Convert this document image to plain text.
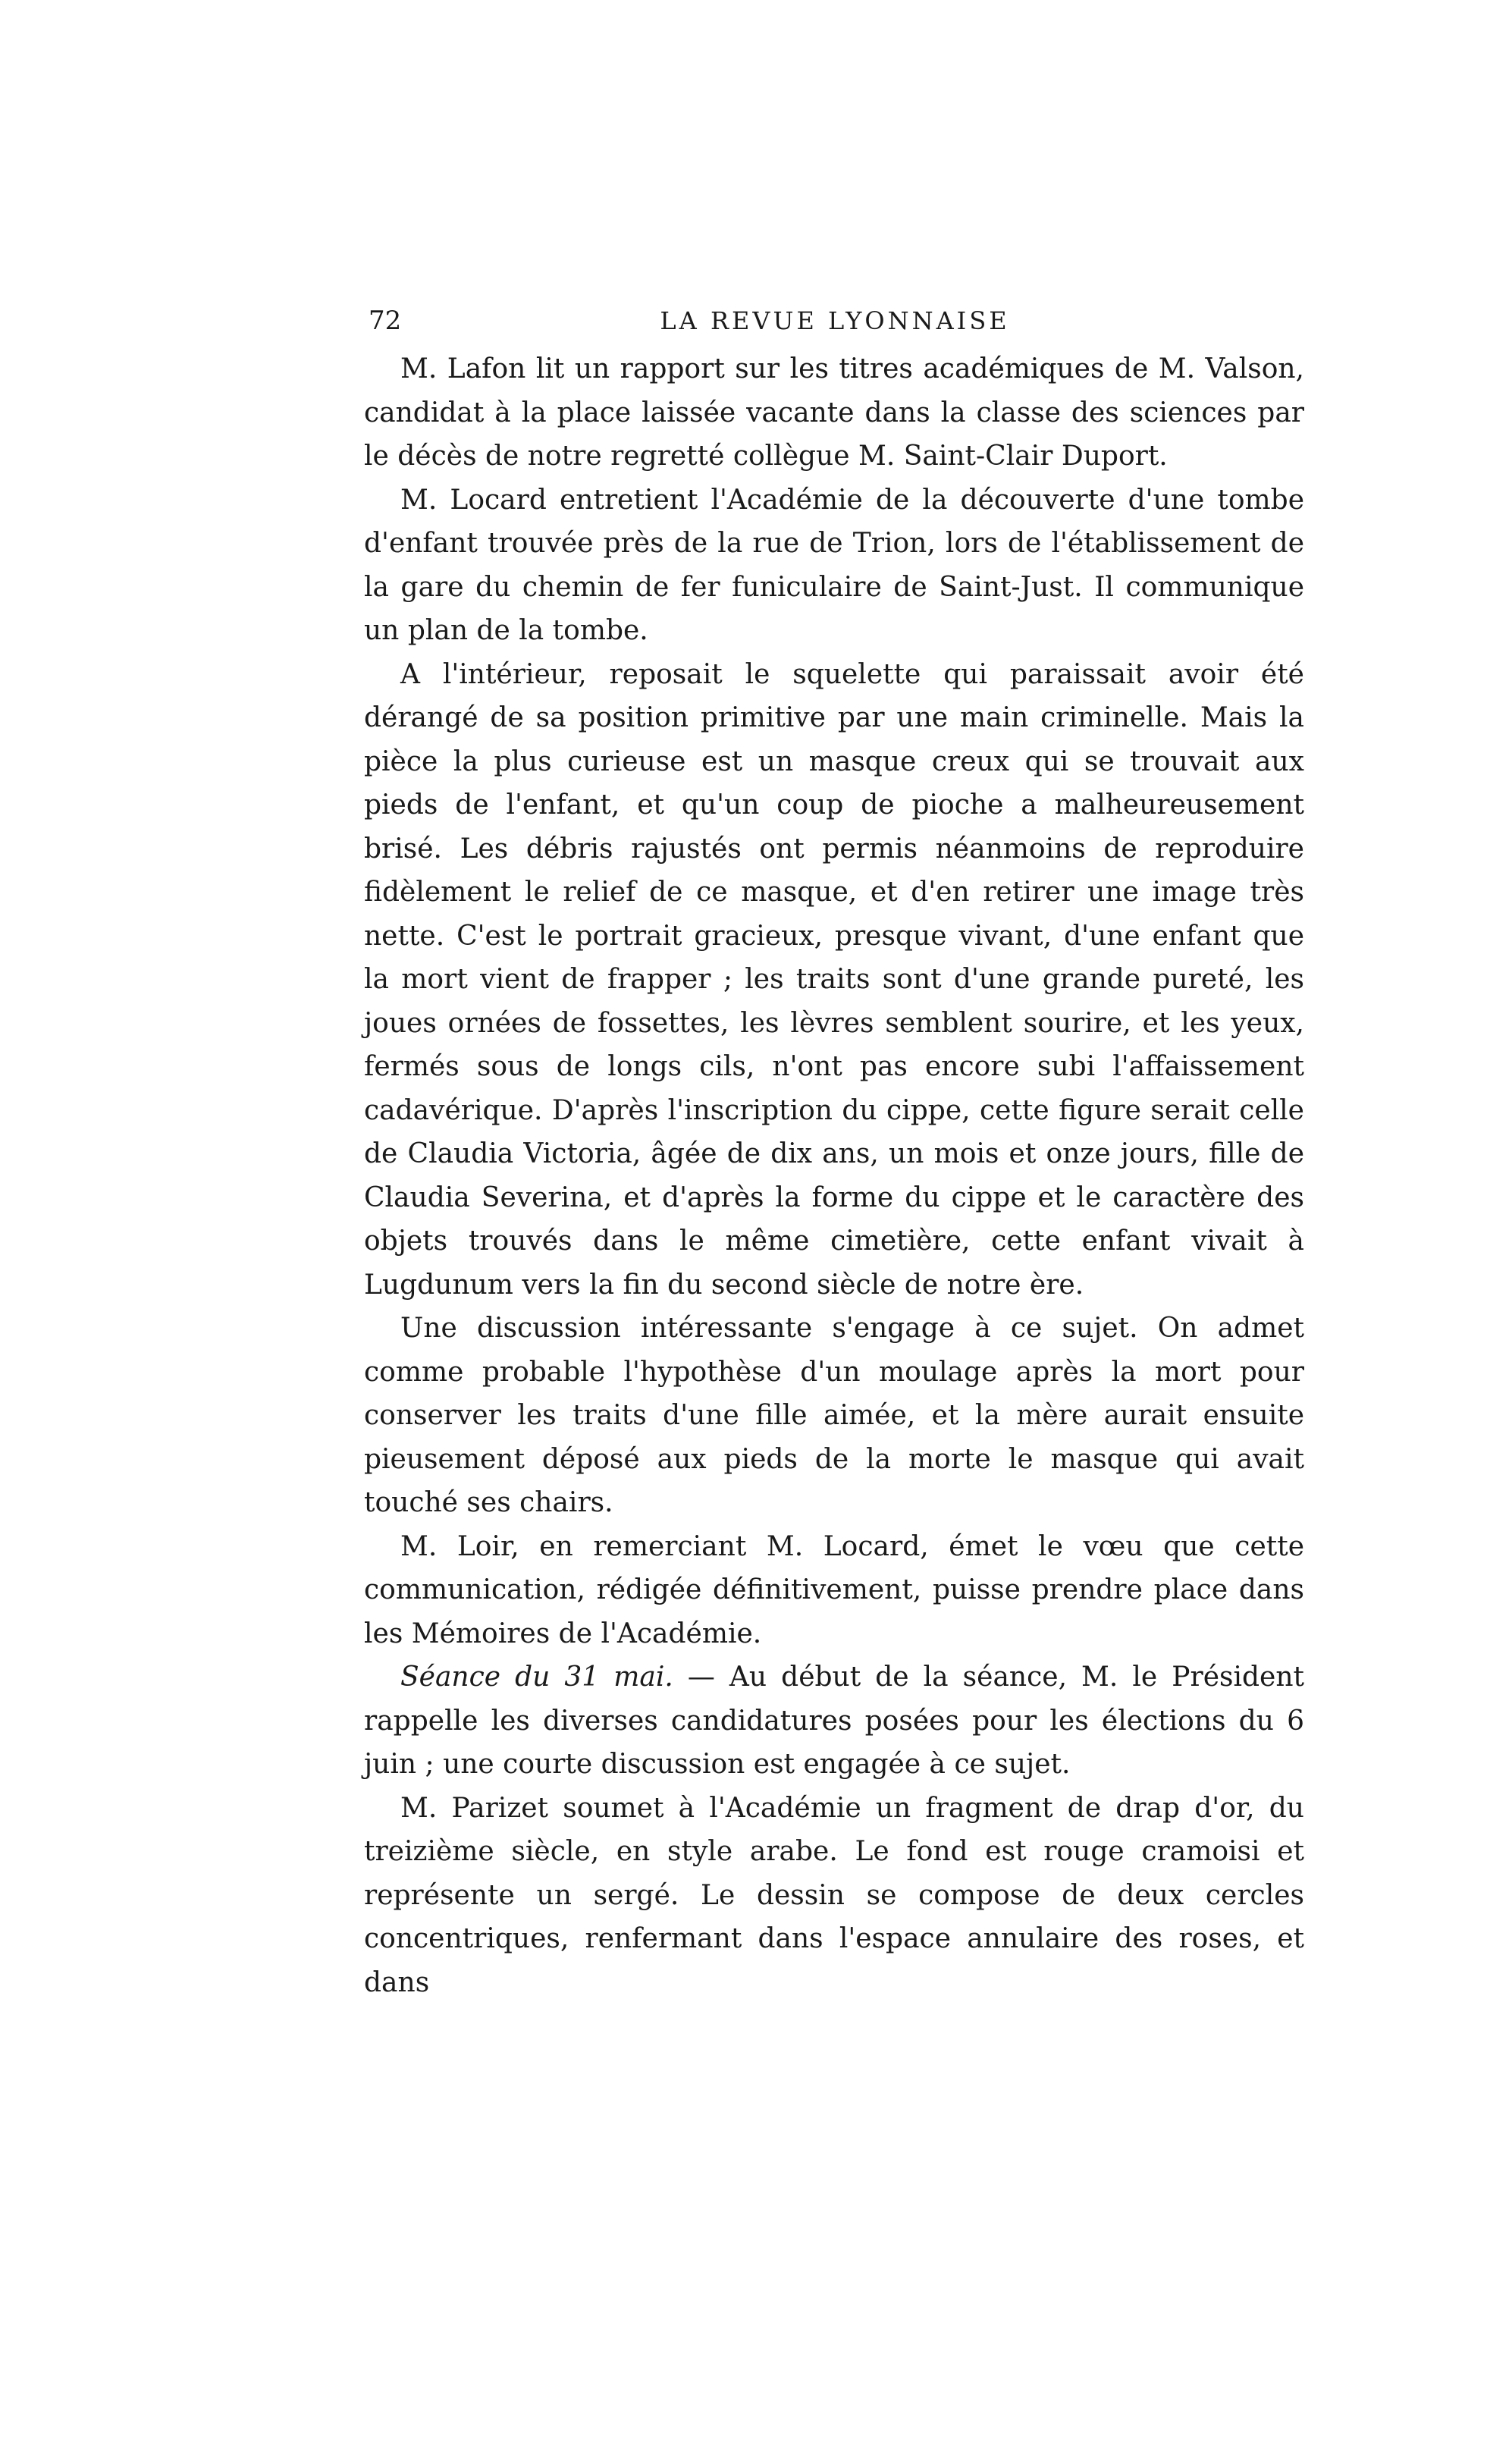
72	LA REVUE LYONNAISE

M. Lafon lit un rapport sur les titres académiques de M. Valson, candidat à la place laissée vacante dans la classe des sciences par le décès de notre regretté collègue M. Saint-Clair Duport.

M. Locard entretient l'Académie de la découverte d'une tombe d'enfant trouvée près de la rue de Trion, lors de l'établissement de la gare du chemin de fer funiculaire de Saint-Just. Il communique un plan de la tombe.

A l'intérieur, reposait le squelette qui paraissait avoir été dérangé de sa position primitive par une main criminelle. Mais la pièce la plus curieuse est un masque creux qui se trouvait aux pieds de l'enfant, et qu'un coup de pioche a malheureusement brisé. Les débris rajustés ont permis néanmoins de reproduire fidèlement le relief de ce masque, et d'en retirer une image très nette. C'est le portrait gracieux, presque vivant, d'une enfant que la mort vient de frapper ; les traits sont d'une grande pureté, les joues ornées de fossettes, les lèvres semblent sourire, et les yeux, fermés sous de longs cils, n'ont pas encore subi l'affaissement cadavérique. D'après l'inscription du cippe, cette figure serait celle de Claudia Victoria, âgée de dix ans, un mois et onze jours, fille de Claudia Severina, et d'après la forme du cippe et le caractère des objets trouvés dans le même cimetière, cette enfant vivait à Lugdunum vers la fin du second siècle de notre ère.

Une discussion intéressante s'engage à ce sujet. On admet comme probable l'hypothèse d'un moulage après la mort pour conserver les traits d'une fille aimée, et la mère aurait ensuite pieusement déposé aux pieds de la morte le masque qui avait touché ses chairs.

M. Loir, en remerciant M. Locard, émet le vœu que cette communication, rédigée définitivement, puisse prendre place dans les Mémoires de l'Académie.

Séance du 31 mai. — Au début de la séance, M. le Président rappelle les diverses candidatures posées pour les élections du 6 juin ; une courte discussion est engagée à ce sujet.

M. Parizet soumet à l'Académie un fragment de drap d'or, du treizième siècle, en style arabe. Le fond est rouge cramoisi et représente un sergé. Le dessin se compose de deux cercles concentriques, renfermant dans l'espace annulaire des roses, et dans
